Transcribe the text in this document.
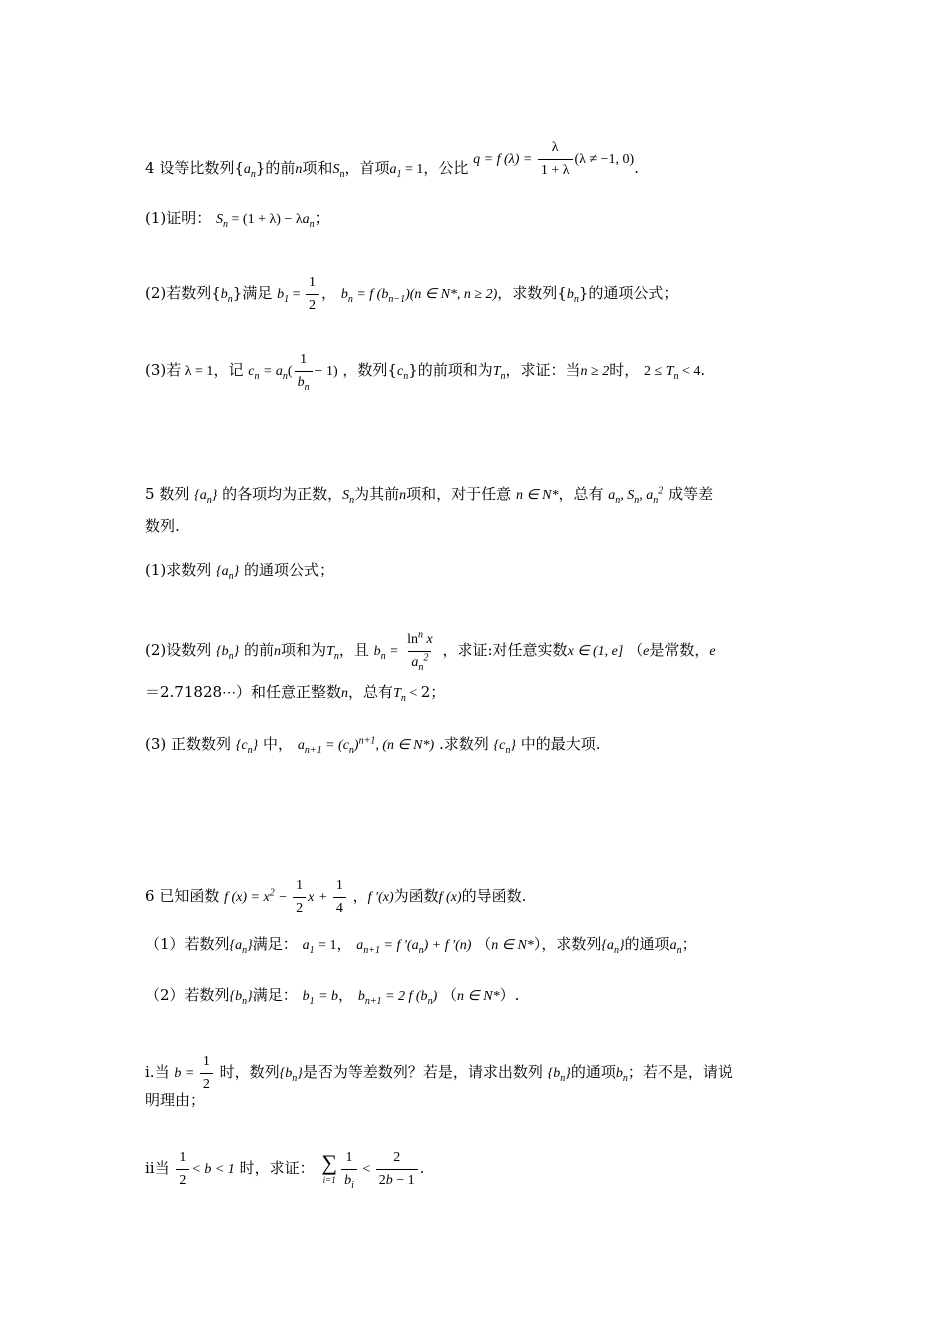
4 设等比数列$\{a_n\}$的前n项和$S_n$，首项$a_1 = 1$，公比 q = f $(\lambda) = \frac{\lambda}{1 + \lambda} (\lambda \ne -1$, 0).
(1)证明： $S_n = (1 + \lambda) - \lambda a_n$；
(2)若数列$\{b_n\}$满足 $b_1 = \frac{1}{2}$ ， $b_n = f$ $(b_{n-1})(n$ ∈ N*, n ≥ 2)，求数列$\{b_n\}$的通项公式；
(3)若 λ = 1，记 $c_n = a_n( \frac{1}{b_n} - 1)$ ，数列$\{c_n\}$的前项和为$T_n$，求证：当n ≥ 2时， $2 \le T_n < 4$.
5 数列 $\{a_n\}$ 的各项均为正数，$S_n$为其前n项和，对于任意 n ∈ N*，总有 $a_n$, $S_n$, $a_n^2$ 成等差
数列.
(1)求数列 $\{a_n\}$ 的通项公式；
(2)设数列 $\{b_n\}$ 的前n项和为$T_n$，且 $b_n = \frac{\ln^n x}{a_n^2}$ ，求证:对任意实数x ∈ (1, e] （e是常数，e
＝2.71828⋯）和任意正整数n，总有$T_n < 2$；
(3) 正数数列 $\{c_n\}$ 中， $a_{n+1} = (c_n)^{n+1}$, (n ∈ N*) .求数列 $\{c_n\}$ 中的最大项.
6 已知函数 f $(x) = x^2 - \frac{1}{2}$ $x + \frac{1}{4}$ ，f ′(x)为函数f (x)的导函数.
（1）若数列$\{a_n\}$满足： $a_1 = 1$， $a_{n+1} = f$ $'(a_n) + f$ ′(n) （n ∈ N*），求数列$\{a_n\}$的通项$a_n$；
（2）若数列$\{b_n\}$满足： $b_1 = b$， $b_{n+1} = 2$ f $(b_n)$ （n ∈ N*）.
i.当 $b = \frac{1}{2}$ 时，数列$\{b_n\}$是否为等差数列？若是，请求出数列 $\{b_n\}$的通项$b_n$；若不是，请说
明理由；
ii当 $\frac{1}{2} < b < 1$ 时，求证： ∑
$i=1 \frac{1}{b_i} < \frac{2}{2b - 1}$ .
